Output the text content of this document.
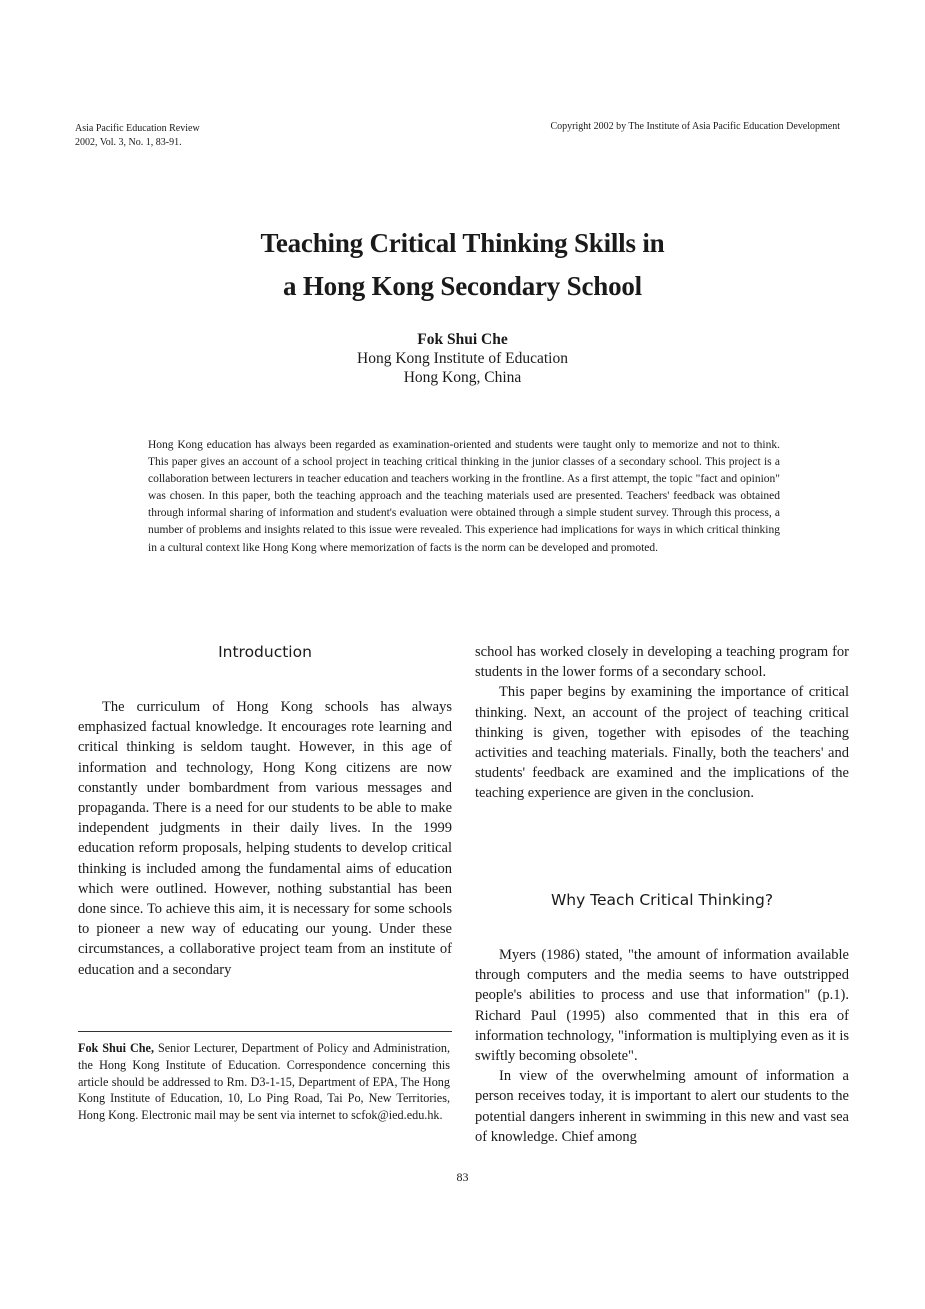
Asia Pacific Education Review
2002, Vol. 3, No. 1, 83-91.
Copyright 2002 by The Institute of Asia Pacific Education Development
Teaching Critical Thinking Skills in
a Hong Kong Secondary School
Fok Shui Che
Hong Kong Institute of Education
Hong Kong, China
Hong Kong education has always been regarded as examination-oriented and students were taught only to memorize and not to think. This paper gives an account of a school project in teaching critical thinking in the junior classes of a secondary school. This project is a collaboration between lecturers in teacher education and teachers working in the frontline. As a first attempt, the topic "fact and opinion" was chosen. In this paper, both the teaching approach and the teaching materials used are presented. Teachers' feedback was obtained through informal sharing of information and student's evaluation were obtained through a simple student survey. Through this process, a number of problems and insights related to this issue were revealed. This experience had implications for ways in which critical thinking in a cultural context like Hong Kong where memorization of facts is the norm can be developed and promoted.
Introduction

The curriculum of Hong Kong schools has always emphasized factual knowledge. It encourages rote learning and critical thinking is seldom taught. However, in this age of information and technology, Hong Kong citizens are now constantly under bombardment from various messages and propaganda. There is a need for our students to be able to make independent judgments in their daily lives. In the 1999 education reform proposals, helping students to develop critical thinking is included among the fundamental aims of education which were outlined. However, nothing substantial has been done since. To achieve this aim, it is necessary for some schools to pioneer a new way of educating our young. Under these circumstances, a collaborative project team from an institute of education and a secondary

Fok Shui Che, Senior Lecturer, Department of Policy and Administration, the Hong Kong Institute of Education. Correspondence concerning this article should be addressed to Rm. D3-1-15, Department of EPA, The Hong Kong Institute of Education, 10, Lo Ping Road, Tai Po, New Territories, Hong Kong. Electronic mail may be sent via internet to scfok@ied.edu.hk.

school has worked closely in developing a teaching program for students in the lower forms of a secondary school.

This paper begins by examining the importance of critical thinking. Next, an account of the project of teaching critical thinking is given, together with episodes of the teaching activities and teaching materials. Finally, both the teachers' and students' feedback are examined and the implications of the teaching experience are given in the conclusion.

Why Teach Critical Thinking?

Myers (1986) stated, "the amount of information available through computers and the media seems to have outstripped people's abilities to process and use that information" (p.1). Richard Paul (1995) also commented that in this era of information technology, "information is multiplying even as it is swiftly becoming obsolete".

In view of the overwhelming amount of information a person receives today, it is important to alert our students to the potential dangers inherent in swimming in this new and vast sea of knowledge. Chief among

83
